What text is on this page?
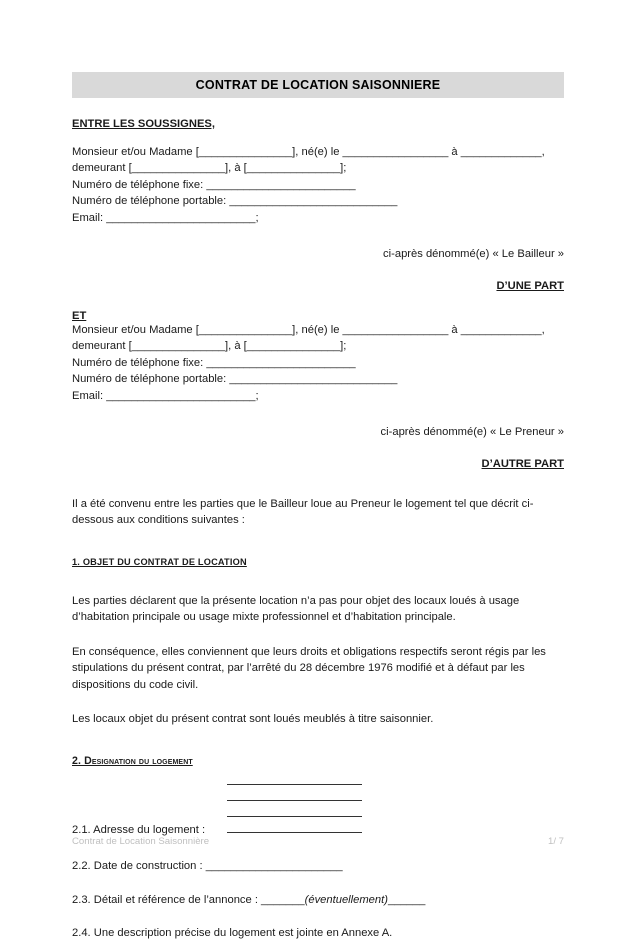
CONTRAT DE LOCATION SAISONNIERE
ENTRE LES SOUSSIGNES,
Monsieur et/ou Madame [_______________], né(e) le _________________ à _____________,
demeurant [_______________], à [_______________];
Numéro de téléphone fixe: ________________________
Numéro de téléphone portable: ___________________________
Email: ________________________;
ci-après dénommé(e) « Le Bailleur »
D’UNE PART
ET
Monsieur et/ou Madame [_______________], né(e) le _________________ à _____________,
demeurant [_______________], à [_______________];
Numéro de téléphone fixe: ________________________
Numéro de téléphone portable: ___________________________
Email: ________________________;
ci-après dénommé(e) « Le Preneur »
D’AUTRE PART
Il a été convenu entre les parties que le Bailleur loue au Preneur le logement tel que décrit ci-dessous aux conditions suivantes :
1. OBJET DU CONTRAT DE LOCATION
Les parties déclarent que la présente location n’a pas pour objet des locaux loués à usage d’habitation principale ou usage mixte professionnel et d’habitation principale.
En conséquence, elles conviennent que leurs droits et obligations respectifs seront régis par les stipulations du présent contrat, par l’arrêté du 28 décembre 1976 modifié et à défaut par les dispositions du code civil.
Les locaux objet du présent contrat sont loués meublés à titre saisonnier.
2. Designation du logement
2.1. Adresse du logement :
2.2. Date de construction : ______________________
2.3. Détail et référence de l’annonce : _______(éventuellement)______
2.4. Une description précise du logement est jointe en Annexe A.
Contrat de Location Saisonnière	1/ 7
